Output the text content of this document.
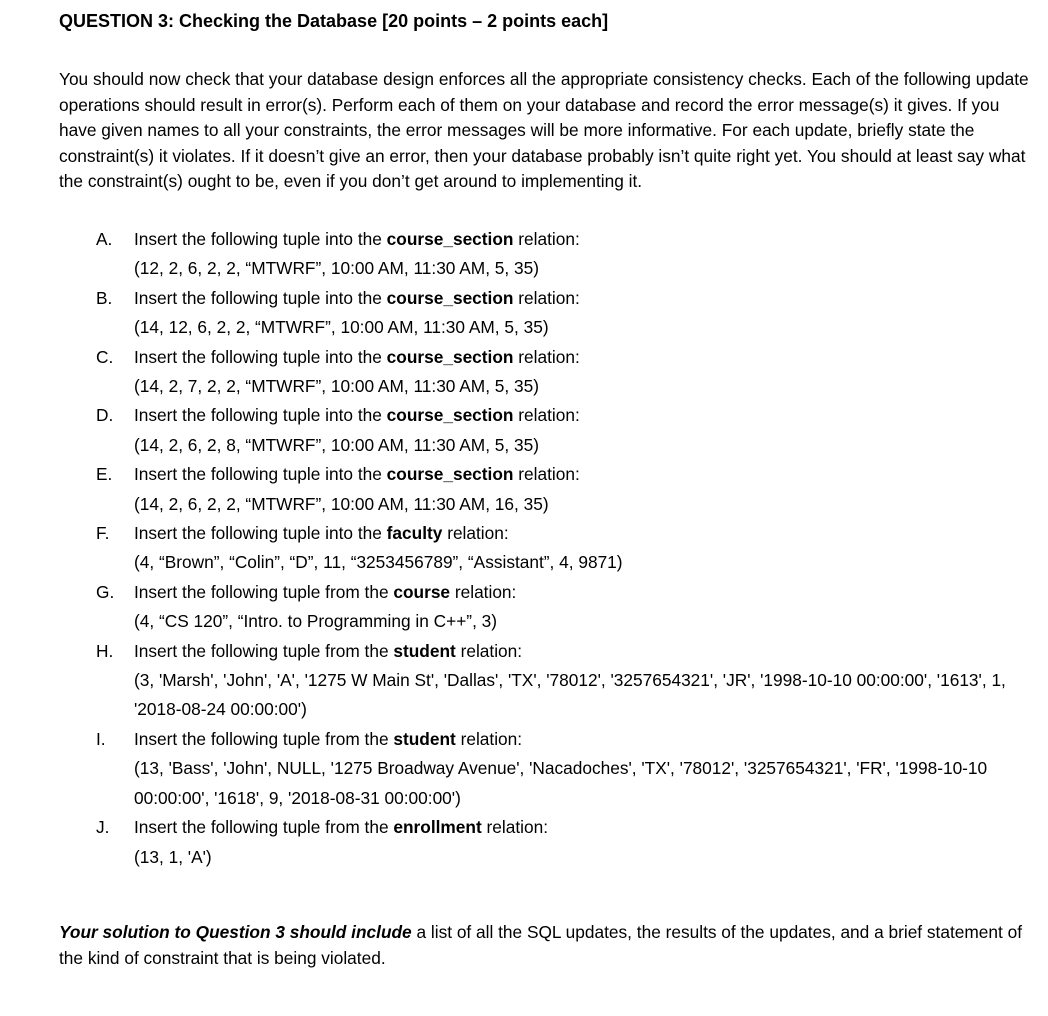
QUESTION 3: Checking the Database [20 points – 2 points each]

You should now check that your database design enforces all the appropriate consistency checks. Each of the following update operations should result in error(s). Perform each of them on your database and record the error message(s) it gives. If you have given names to all your constraints, the error messages will be more informative. For each update, briefly state the constraint(s) it violates. If it doesn’t give an error, then your database probably isn’t quite right yet. You should at least say what the constraint(s) ought to be, even if you don’t get around to implementing it.
A. Insert the following tuple into the course_section relation:
(12, 2, 6, 2, 2, “MTWRF”, 10:00 AM, 11:30 AM, 5, 35)
B. Insert the following tuple into the course_section relation:
(14, 12, 6, 2, 2, “MTWRF”, 10:00 AM, 11:30 AM, 5, 35)
C. Insert the following tuple into the course_section relation:
(14, 2, 7, 2, 2, “MTWRF”, 10:00 AM, 11:30 AM, 5, 35)
D. Insert the following tuple into the course_section relation:
(14, 2, 6, 2, 8, “MTWRF”, 10:00 AM, 11:30 AM, 5, 35)
E. Insert the following tuple into the course_section relation:
(14, 2, 6, 2, 2, “MTWRF”, 10:00 AM, 11:30 AM, 16, 35)
F. Insert the following tuple into the faculty relation:
(4, “Brown”, “Colin”, “D”, 11, “3253456789”, “Assistant”, 4, 9871)
G. Insert the following tuple from the course relation:
(4, “CS 120”, “Intro. to Programming in C++”, 3)
H. Insert the following tuple from the student relation:
(3, 'Marsh', 'John', 'A', '1275 W Main St', 'Dallas', 'TX', '78012', '3257654321', 'JR', '1998-10-10 00:00:00', '1613', 1, '2018-08-24 00:00:00')
I. Insert the following tuple from the student relation:
(13, 'Bass', 'John', NULL, '1275 Broadway Avenue', 'Nacadoches', 'TX', '78012', '3257654321', 'FR', '1998-10-10 00:00:00', '1618', 9, '2018-08-31 00:00:00')
J. Insert the following tuple from the enrollment relation:
(13, 1, 'A')
Your solution to Question 3 should include a list of all the SQL updates, the results of the updates, and a brief statement of the kind of constraint that is being violated.
